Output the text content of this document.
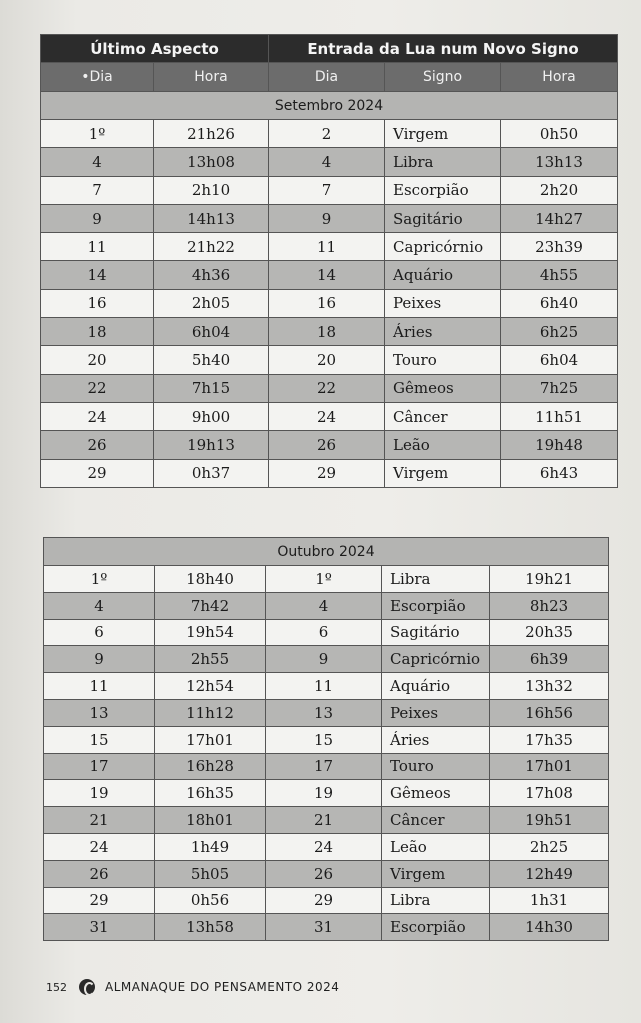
Último Aspecto		Entrada da Lua num Novo Signo		
•Dia	Hora	Dia	Signo	Hora
Setembro 2024				
1º	21h26	2	Virgem	0h50
4	13h08	4	Libra	13h13
7	2h10	7	Escorpião	2h20
9	14h13	9	Sagitário	14h27
11	21h22	11	Capricórnio	23h39
14	4h36	14	Aquário	4h55
16	2h05	16	Peixes	6h40
18	6h04	18	Áries	6h25
20	5h40	20	Touro	6h04
22	7h15	22	Gêmeos	7h25
24	9h00	24	Câncer	11h51
26	19h13	26	Leão	19h48
29	0h37	29	Virgem	6h43
Outubro 2024				
1º	18h40	1º	Libra	19h21
4	7h42	4	Escorpião	8h23
6	19h54	6	Sagitário	20h35
9	2h55	9	Capricórnio	6h39
11	12h54	11	Aquário	13h32
13	11h12	13	Peixes	16h56
15	17h01	15	Áries	17h35
17	16h28	17	Touro	17h01
19	16h35	19	Gêmeos	17h08
21	18h01	21	Câncer	19h51
24	1h49	24	Leão	2h25
26	5h05	26	Virgem	12h49
29	0h56	29	Libra	1h31
31	13h58	31	Escorpião	14h30
152	ALMANAQUE DO PENSAMENTO 2024
